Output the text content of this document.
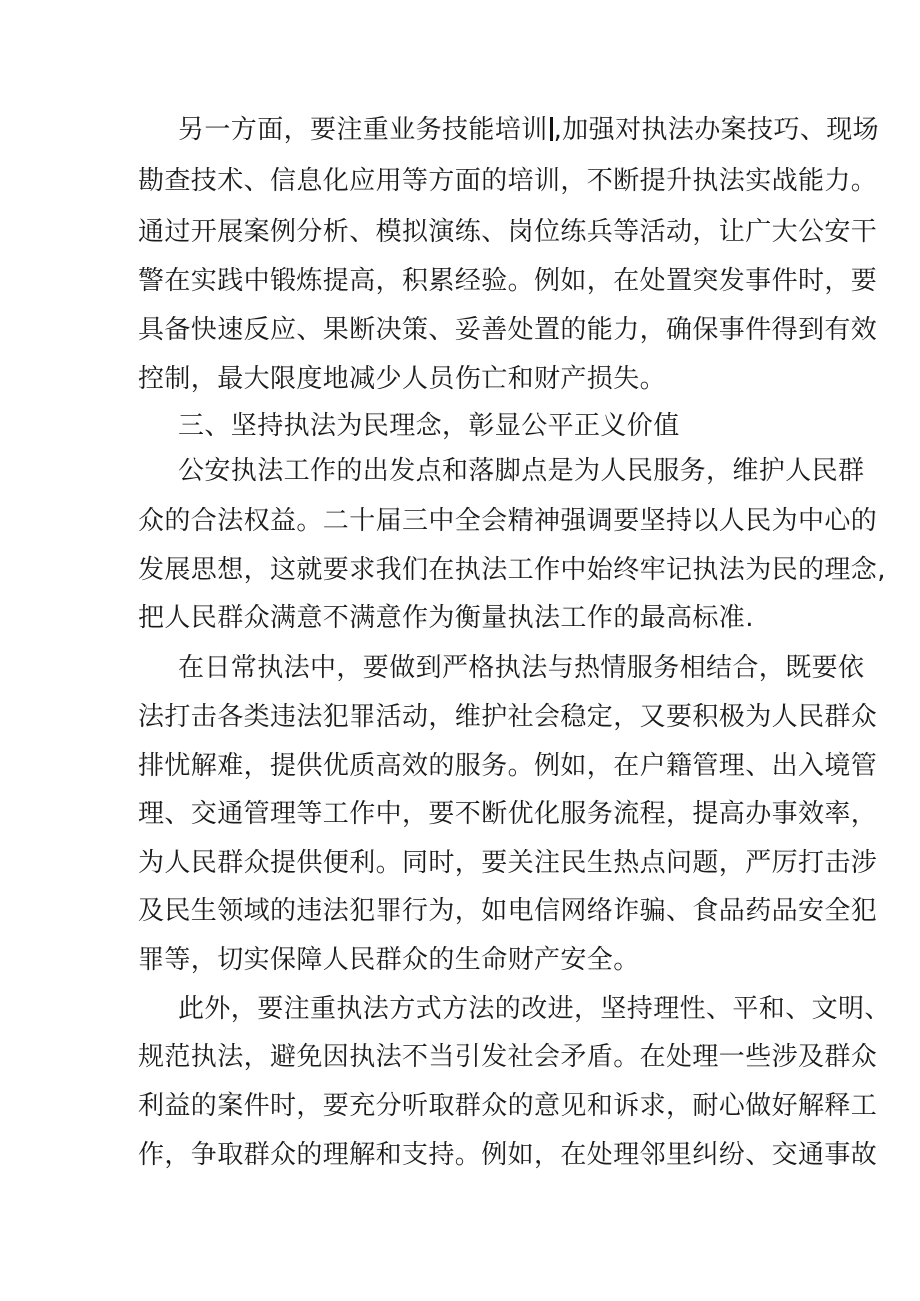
另一方面，要注重业务技能培训 ,加强对执法办案技巧、现场
勘查技术、信息化应用等方面的培训，不断提升执法实战能力。
通过开展案例分析、模拟演练、岗位练兵等活动，让广大公安干
警在实践中锻炼提高，积累经验。例如，在处置突发事件时，要
具备快速反应、果断决策、妥善处置的能力，确保事件得到有效
控制，最大限度地减少人员伤亡和财产损失。
三、坚持执法为民理念，彰显公平正义价值
公安执法工作的出发点和落脚点是为人民服务，维护人民群
众的合法权益。二十届三中全会精神强调要坚持以人民为中心的
发展思想，这就要求我们在执法工作中始终牢记执法为民的理念,
把人民群众满意不满意作为衡量执法工作的最高标准.
在日常执法中，要做到严格执法与热情服务相结合，既要依
法打击各类违法犯罪活动，维护社会稳定，又要积极为人民群众
排忧解难，提供优质高效的服务。例如，在户籍管理、出入境管
理、交通管理等工作中，要不断优化服务流程，提高办事效率，
为人民群众提供便利。同时，要关注民生热点问题，严厉打击涉
及民生领域的违法犯罪行为，如电信网络诈骗、食品药品安全犯
罪等，切实保障人民群众的生命财产安全。
此外，要注重执法方式方法的改进，坚持理性、平和、文明、
规范执法，避免因执法不当引发社会矛盾。在处理一些涉及群众
利益的案件时，要充分听取群众的意见和诉求，耐心做好解释工
作，争取群众的理解和支持。例如，在处理邻里纠纷、交通事故
